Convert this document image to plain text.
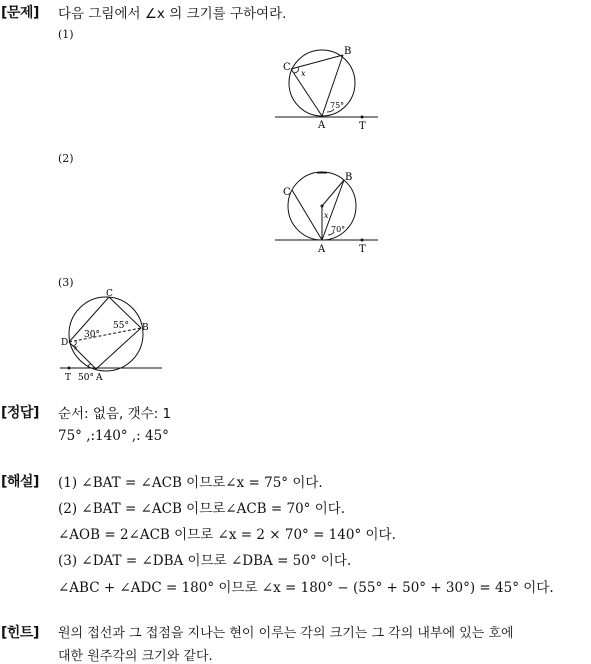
[문제] 다음 그림에서 ∠x 의 크기를 구하여라.
(1)
C
B
A	T
x
75°
(2)
C
B
A	T
x
70°
(3)
C
B
A
D
T
x
30°
55°
50°
[정답] 순서: 없음, 갯수: 1
75° ,:140° ,: 45°
[해설] (1) ∠BAT = ∠ACB 이므로∠x = 75° 이다.
(2) ∠BAT = ∠ACB 이므로∠ACB = 70° 이다.
∠AOB = 2∠ACB 이므로 ∠x = 2 × 70° = 140° 이다.
(3) ∠DAT = ∠DBA 이므로 ∠DBA = 50° 이다.
∠ABC + ∠ADC = 180° 이므로 ∠x = 180° − (55° + 50° + 30°) = 45° 이다.
[힌트] 원의 접선과 그 접점을 지나는 현이 이루는 각의 크기는 그 각의 내부에 있는 호에
대한 원주각의 크기와 같다.
